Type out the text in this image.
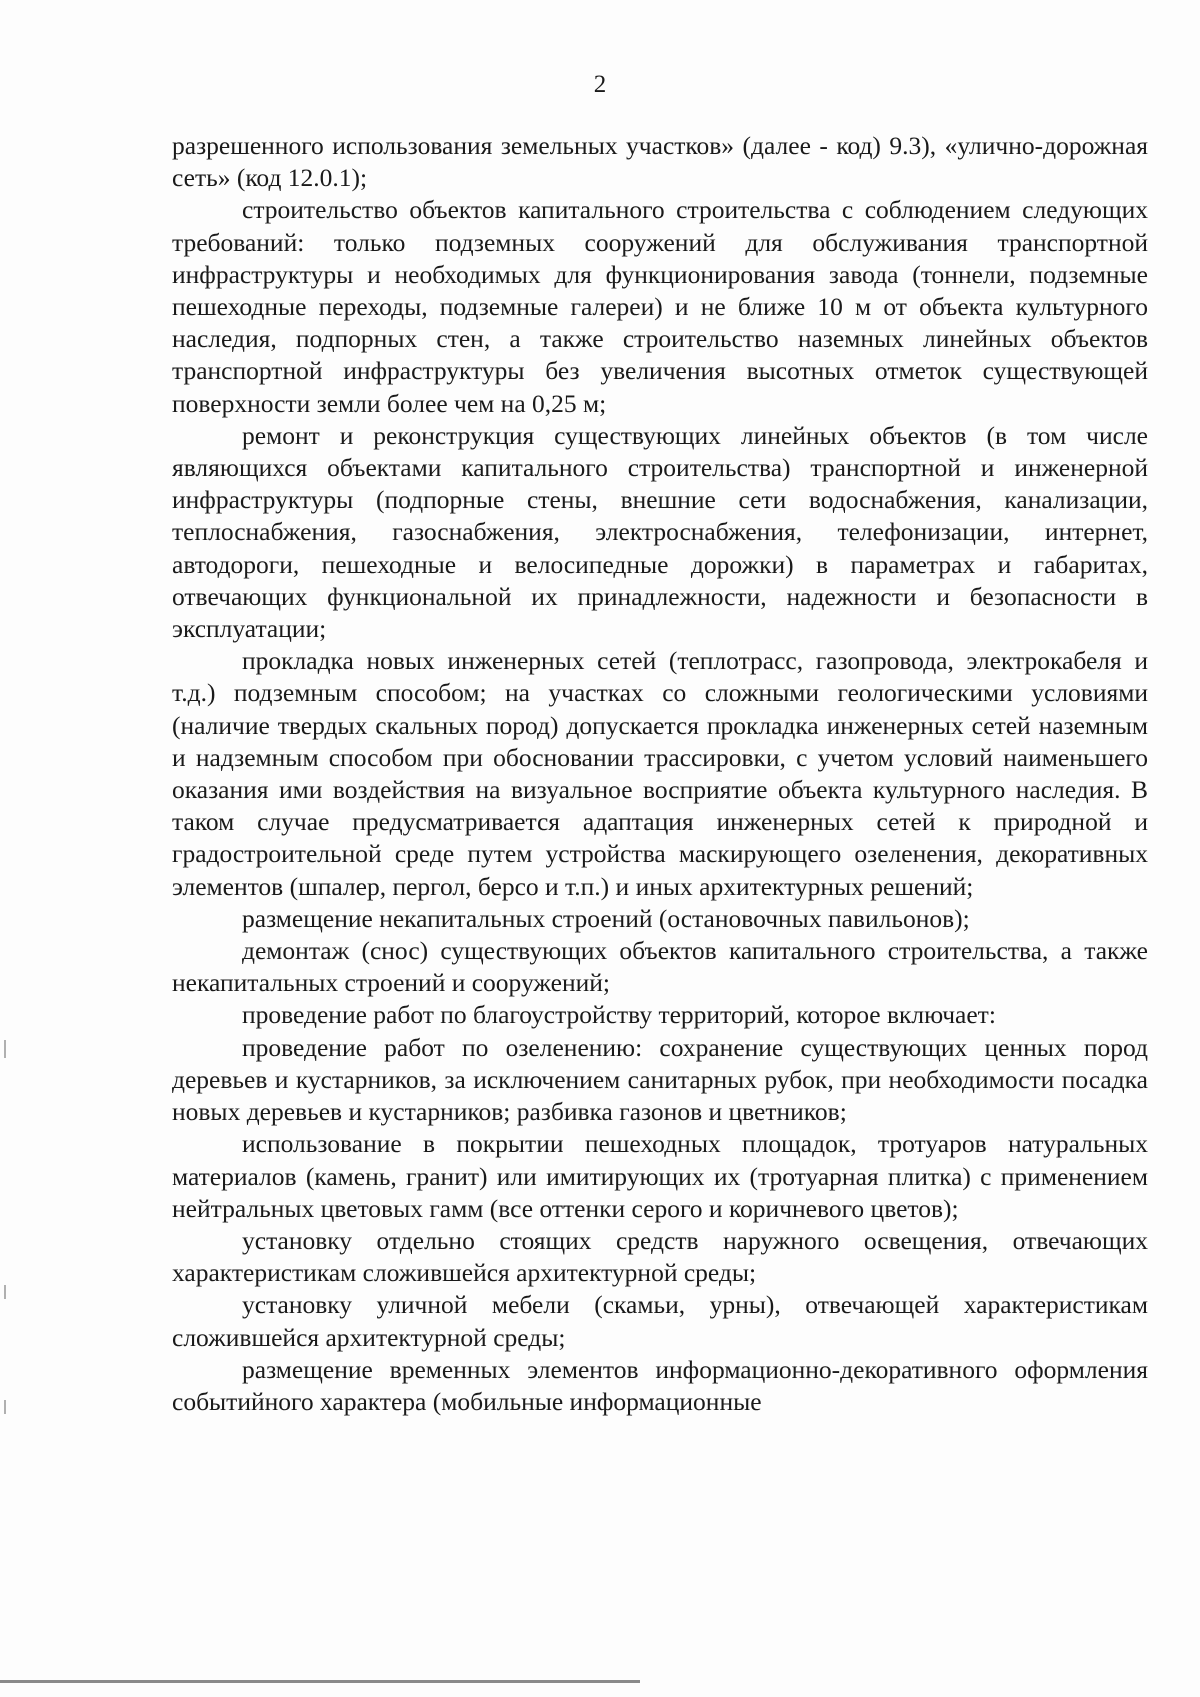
2

разрешенного использования земельных участков» (далее - код) 9.3), «улично-дорожная сеть» (код 12.0.1);

строительство объектов капитального строительства с соблюдением следующих требований: только подземных сооружений для обслуживания транспортной инфраструктуры и необходимых для функционирования завода (тоннели, подземные пешеходные переходы, подземные галереи) и не ближе 10 м от объекта культурного наследия, подпорных стен, а также строительство наземных линейных объектов транспортной инфраструктуры без увеличения высотных отметок существующей поверхности земли более чем на 0,25 м;

ремонт и реконструкция существующих линейных объектов (в том числе являющихся объектами капитального строительства) транспортной и инженерной инфраструктуры (подпорные стены, внешние сети водоснабжения, канализации, теплоснабжения, газоснабжения, электроснабжения, телефонизации, интернет, автодороги, пешеходные и велосипедные дорожки) в параметрах и габаритах, отвечающих функциональной их принадлежности, надежности и безопасности в эксплуатации;

прокладка новых инженерных сетей (теплотрасс, газопровода, электрокабеля и т.д.) подземным способом; на участках со сложными геологическими условиями (наличие твердых скальных пород) допускается прокладка инженерных сетей наземным и надземным способом при обосновании трассировки, с учетом условий наименьшего оказания ими воздействия на визуальное восприятие объекта культурного наследия. В таком случае предусматривается адаптация инженерных сетей к природной и градостроительной среде путем устройства маскирующего озеленения, декоративных элементов (шпалер, пергол, берсо и т.п.) и иных архитектурных решений;

размещение некапитальных строений (остановочных павильонов);

демонтаж (снос) существующих объектов капитального строительства, а также некапитальных строений и сооружений;

проведение работ по благоустройству территорий, которое включает:

проведение работ по озеленению: сохранение существующих ценных пород деревьев и кустарников, за исключением санитарных рубок, при необходимости посадка новых деревьев и кустарников; разбивка газонов и цветников;

использование в покрытии пешеходных площадок, тротуаров натуральных материалов (камень, гранит) или имитирующих их (тротуарная плитка) с применением нейтральных цветовых гамм (все оттенки серого и коричневого цветов);

установку отдельно стоящих средств наружного освещения, отвечающих характеристикам сложившейся архитектурной среды;

установку уличной мебели (скамьи, урны), отвечающей характеристикам сложившейся архитектурной среды;

размещение временных элементов информационно-декоративного оформления событийного характера (мобильные информационные
